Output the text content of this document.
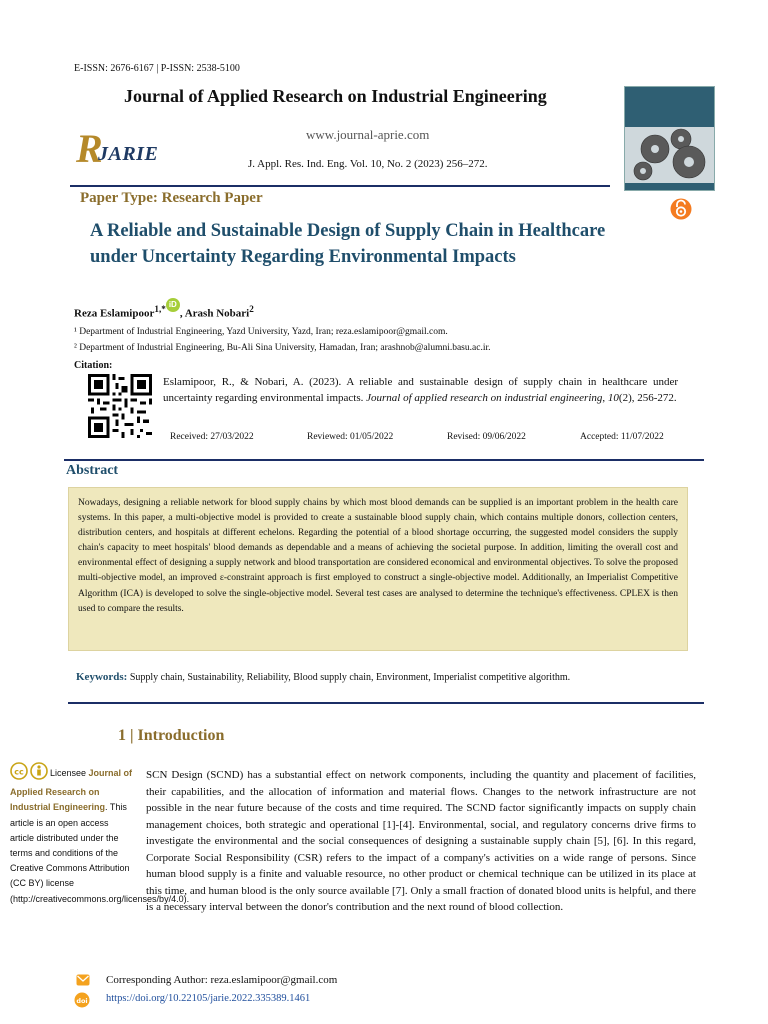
E-ISSN: 2676-6167 | P-ISSN: 2538-5100
Journal of Applied Research on Industrial Engineering
R
JARIE
www.journal-aprie.com
J. Appl. Res. Ind. Eng. Vol. 10, No. 2 (2023) 256–272.
Paper Type: Research Paper
A Reliable and Sustainable Design of Supply Chain in Healthcare under Uncertainty Regarding Environmental Impacts
Reza Eslamipoor$^{1,*}$ iD, Arash Nobari$^2$
¹ Department of Industrial Engineering, Yazd University, Yazd, Iran; reza.eslamipoor@gmail.com.
² Department of Industrial Engineering, Bu-Ali Sina University, Hamadan, Iran; arashnob@alumni.basu.ac.ir.
Citation:
Eslamipoor, R., & Nobari, A. (2023). A reliable and sustainable design of supply chain in healthcare under uncertainty regarding environmental impacts. Journal of applied research on industrial engineering, 10(2), 256-272.
Received: 27/03/2022	Reviewed: 01/05/2022	Revised: 09/06/2022	Accepted: 11/07/2022
Abstract
Nowadays, designing a reliable network for blood supply chains by which most blood demands can be supplied is an important problem in the health care systems. In this paper, a multi-objective model is provided to create a sustainable blood supply chain, which contains multiple donors, collection centers, distribution centers, and hospitals at different echelons. Regarding the potential of a blood shortage occurring, the suggested model considers the supply chain's capacity to meet hospitals' blood demands as dependable and a means of achieving the societal purpose. In addition, limiting the overall cost and environmental effect of designing a supply network and blood transportation are considered economical and environmental objectives. To solve the proposed multi-objective model, an improved ε-constraint approach is first employed to construct a single-objective model. Additionally, an Imperialist Competitive Algorithm (ICA) is developed to solve the single-objective model. Several test cases are analysed to determine the technique's effectiveness. CPLEX is then used to compare the results.
Keywords: Supply chain, Sustainability, Reliability, Blood supply chain, Environment, Imperialist competitive algorithm.
1 | Introduction
cc	Licensee Journal of Applied Research on Industrial Engineering. This article is an open access article distributed under the terms and conditions of the Creative Commons Attribution (CC BY) license (http://creativecommons.org/licenses/by/4.0).
SCN Design (SCND) has a substantial effect on network components, including the quantity and placement of facilities, their capabilities, and the allocation of information and material flows. Changes to the network infrastructure are not possible in the near future because of the costs and time required. The SCND factor significantly impacts on supply chain management choices, both strategic and operational [1]-[4]. Environmental, social, and regulatory concerns drive firms to investigate the environmental and the social consequences of designing a sustainable supply chain [5], [6]. In this regard, Corporate Social Responsibility (CSR) refers to the impact of a company's activities on a wide range of persons. Since human blood supply is a finite and valuable resource, no other product or chemical technique can be utilized in its place at this time, and human blood is the only source available [7]. Only a small fraction of donated blood units is helpful, and there is a necessary interval between the donor's contribution and the next round of blood collection.
Corresponding Author: reza.eslamipoor@gmail.com
doi https://doi.org/10.22105/jarie.2022.335389.1461
